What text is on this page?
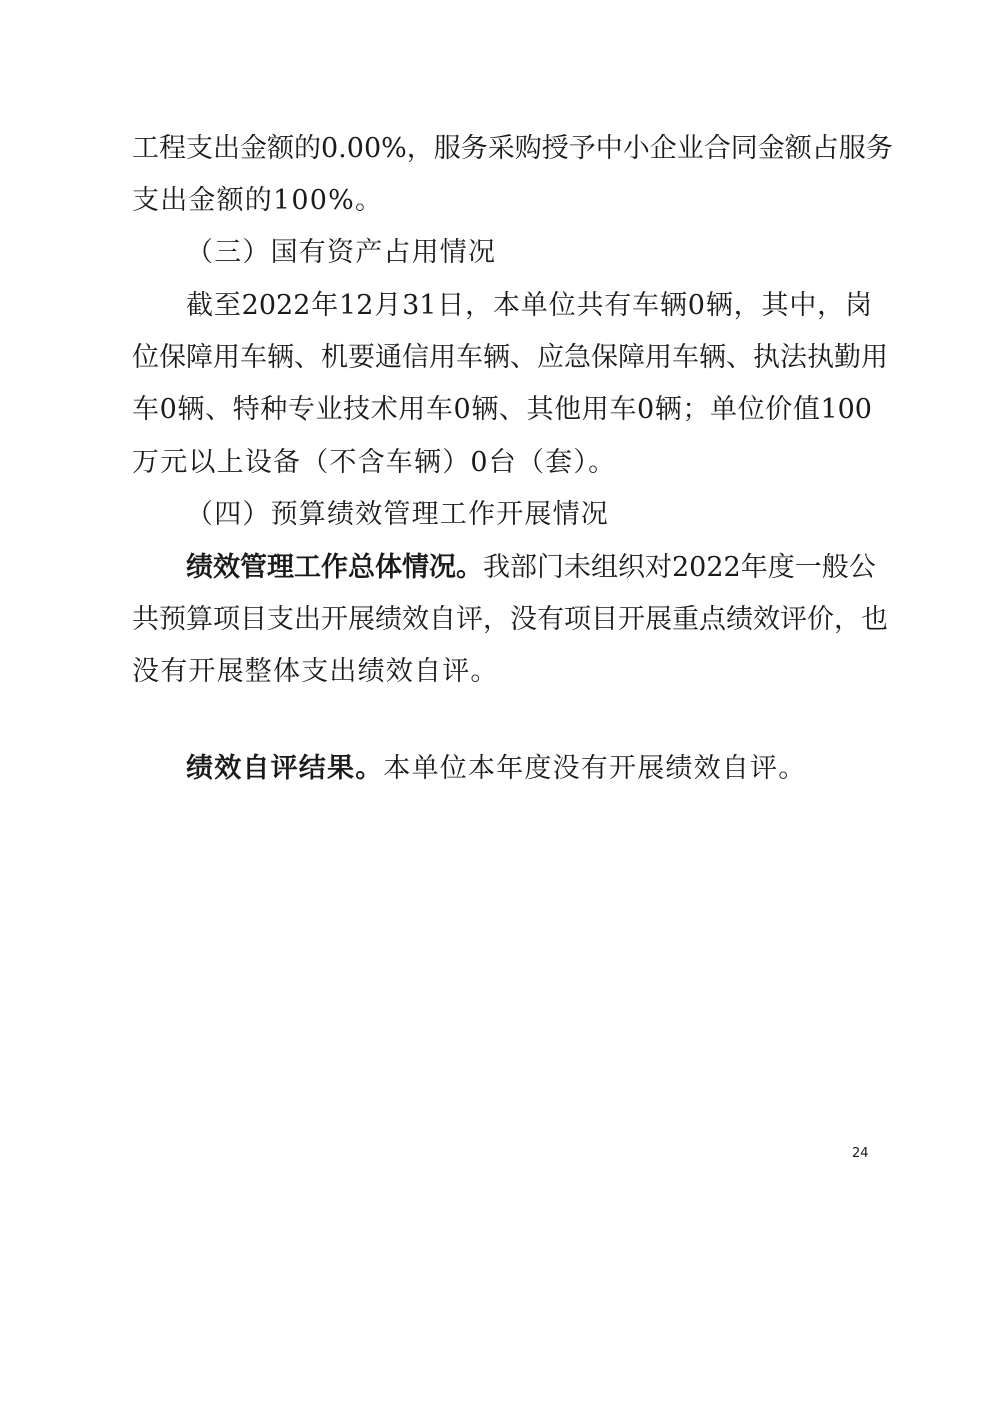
工程支出金额的0.00%，服务采购授予中小企业合同金额占服务
支出金额的100%。
（三）国有资产占用情况
截至2022年12月31日，本单位共有车辆0辆，其中，岗
位保障用车辆、机要通信用车辆、应急保障用车辆、执法执勤用
车0辆、特种专业技术用车0辆、其他用车0辆；单位价值100
万元以上设备（不含车辆）0台（套）。
（四）预算绩效管理工作开展情况
绩效管理工作总体情况。我部门未组织对2022年度一般公
共预算项目支出开展绩效自评，没有项目开展重点绩效评价，也
没有开展整体支出绩效自评。
绩效自评结果。本单位本年度没有开展绩效自评。
24
